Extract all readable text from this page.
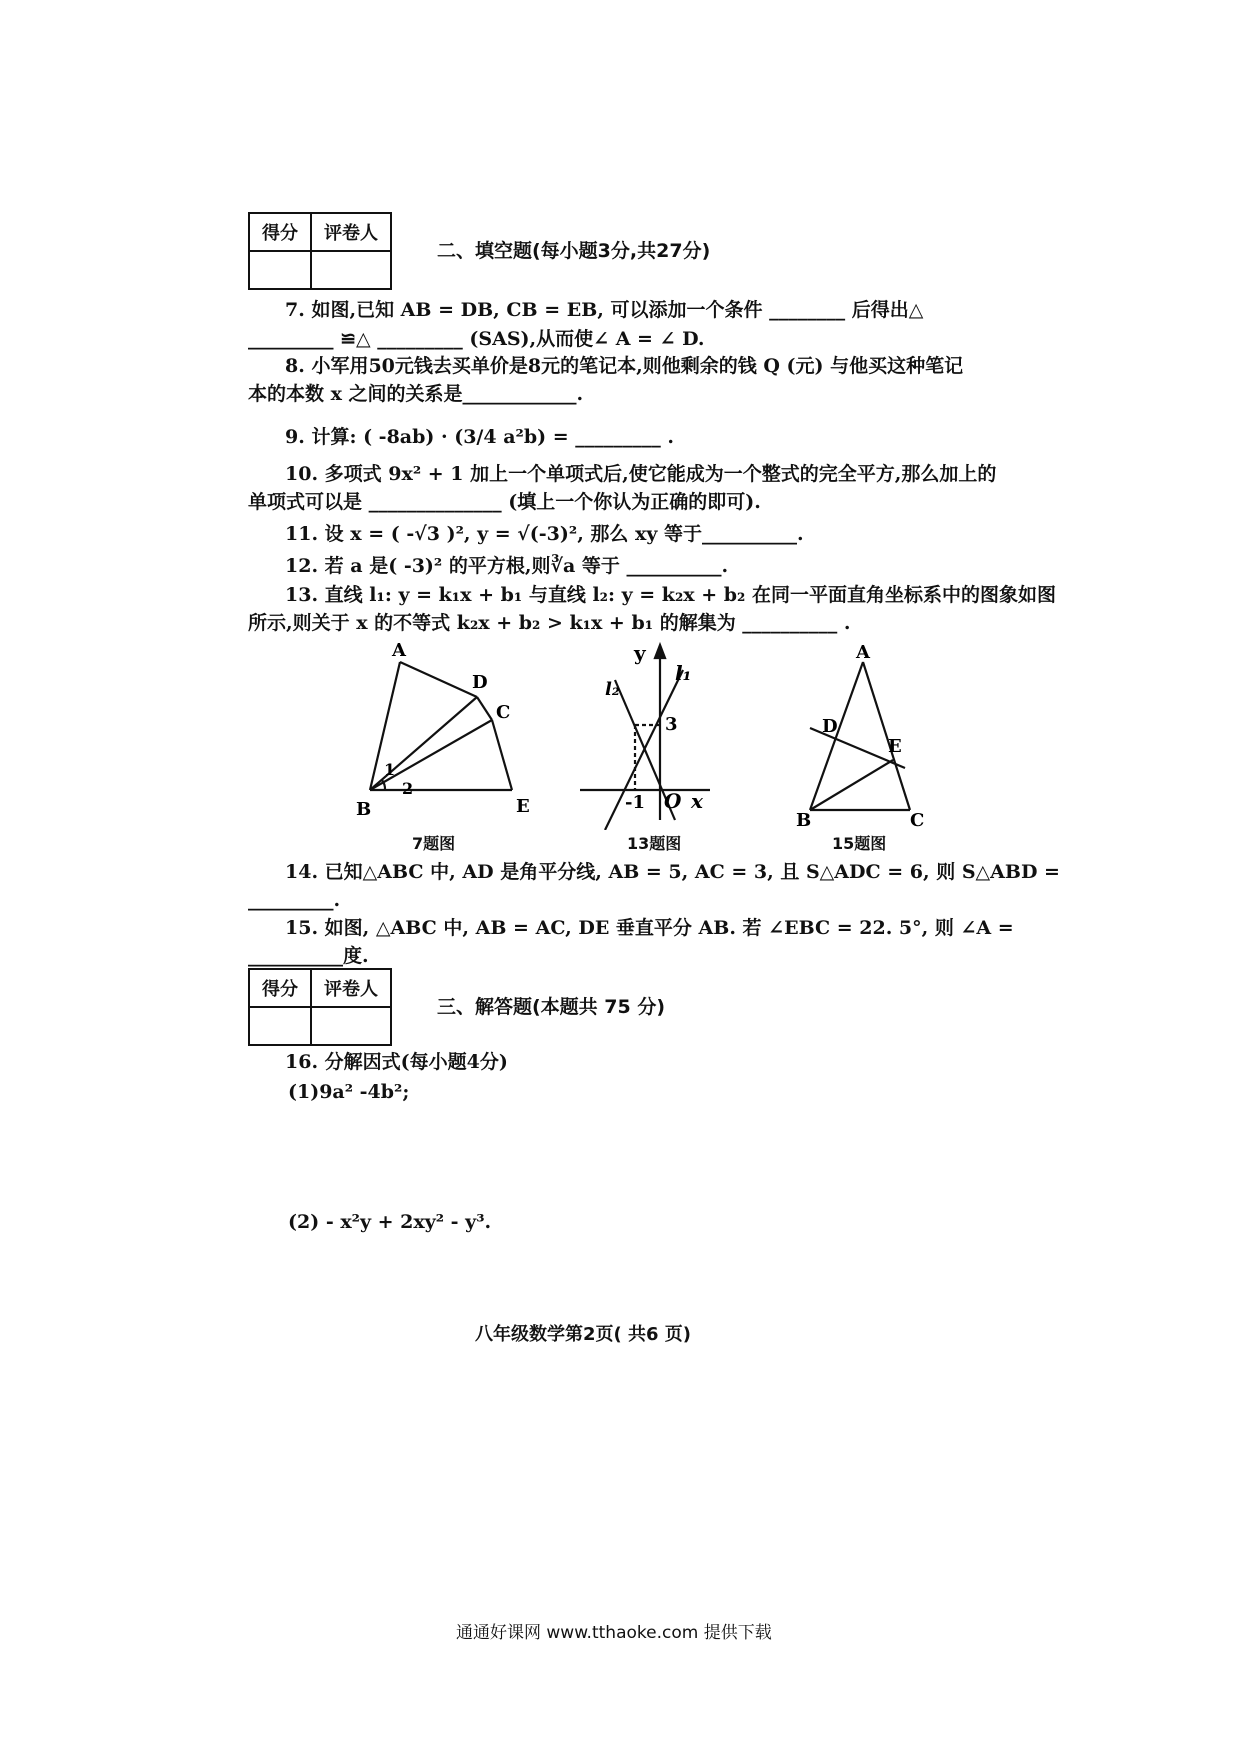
得分	评卷人

二、填空题(每小题3分,共27分)
7. 如图,已知 AB = DB, CB = EB, 可以添加一个条件 ________ 后得出△
_________ ≌△ _________ (SAS),从而使∠ A = ∠ D.
8. 小军用50元钱去买单价是8元的笔记本,则他剩余的钱 Q (元) 与他买这种笔记
本的本数 x 之间的关系是____________.
9. 计算: ( -8ab) · (3/4 a²b) = _________ .
10. 多项式 9x² + 1 加上一个单项式后,使它能成为一个整式的完全平方,那么加上的
单项式可以是 ______________ (填上一个你认为正确的即可).
11. 设 x = ( -√3 )², y = √(-3)², 那么 xy 等于__________.
12. 若 a 是( -3)² 的平方根,则∛a 等于 __________.
13. 直线 l₁: y = k₁x + b₁ 与直线 l₂: y = k₂x + b₂ 在同一平面直角坐标系中的图象如图
所示,则关于 x 的不等式 k₂x + b₂ > k₁x + b₁ 的解集为 __________ .
A
B
C
D
E
1
2
7题图
y
x
O
l₁
l₂
3
-1
13题图
A
B	C
D
E
15题图
14. 已知△ABC 中, AD 是角平分线, AB = 5, AC = 3, 且 S△ADC = 6, 则 S△ABD =
_________.
15. 如图, △ABC 中, AB = AC, DE 垂直平分 AB. 若 ∠EBC = 22. 5°, 则 ∠A =
__________度.
得分	评卷人

三、解答题(本题共 75 分)
16. 分解因式(每小题4分)
(1)9a² -4b²;
(2) - x²y + 2xy² - y³.
八年级数学第2页( 共6 页)
通通好课网 www.tthaoke.com 提供下载
